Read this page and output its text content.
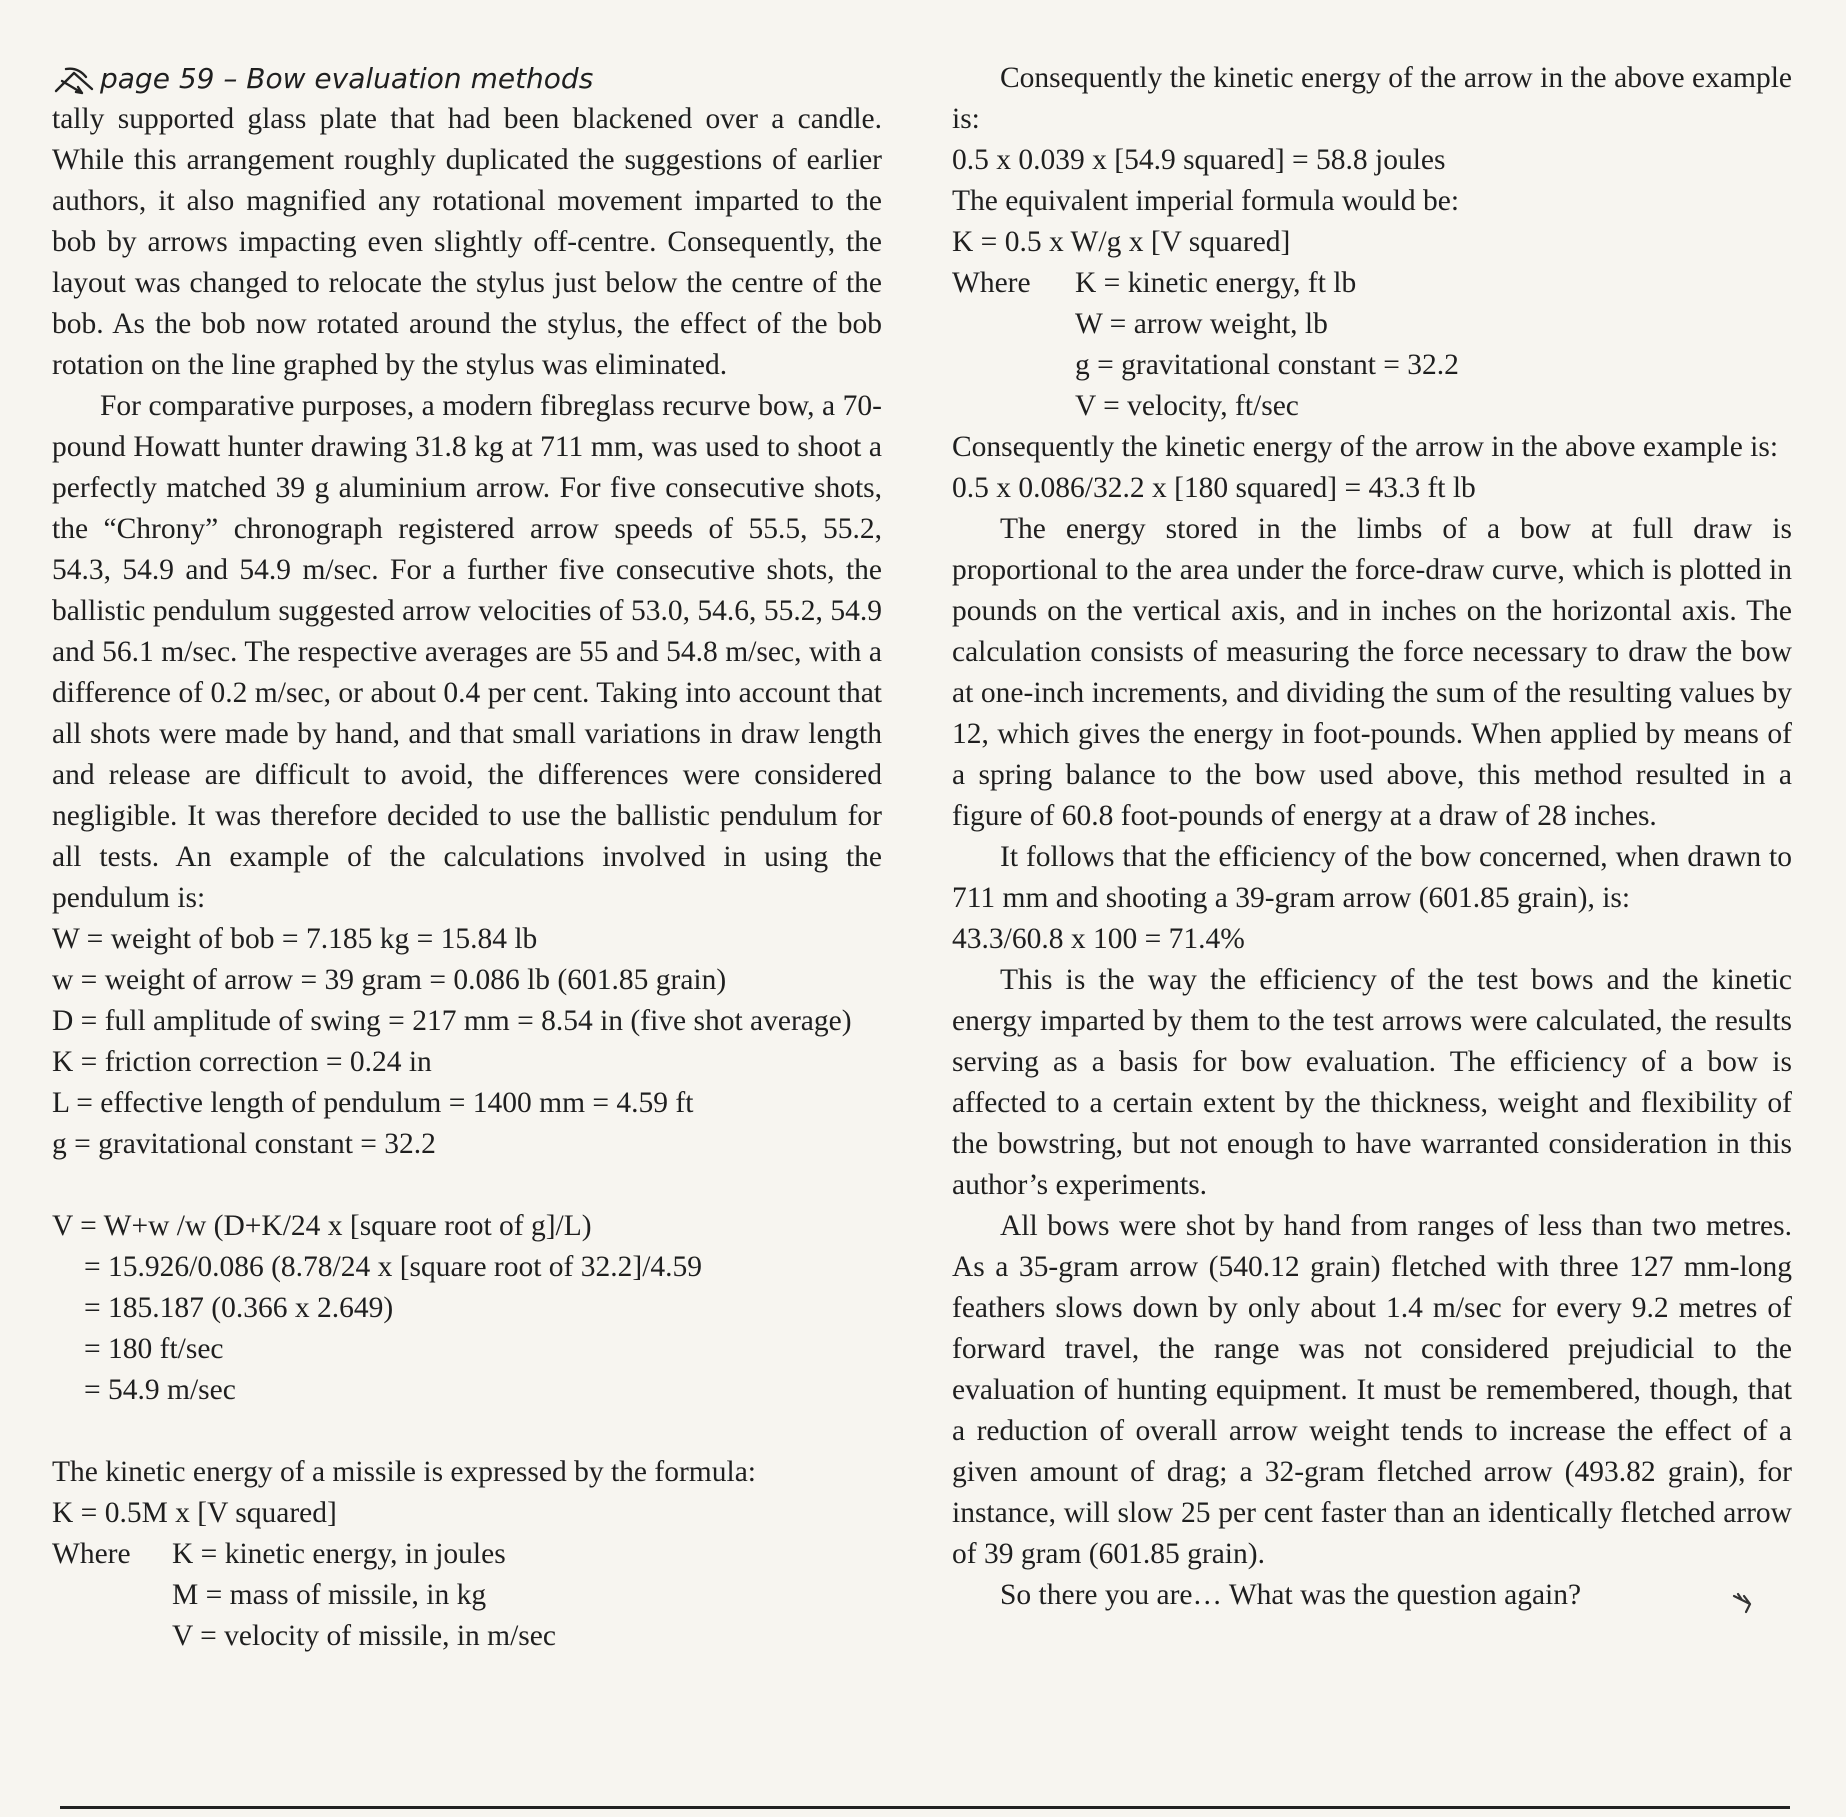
page 59 – Bow evaluation methods

tally supported glass plate that had been blackened over a candle. While this arrangement roughly duplicated the suggestions of earlier authors, it also magnified any rotational movement imparted to the bob by arrows impacting even slightly off-centre. Consequently, the layout was changed to relocate the stylus just below the centre of the bob. As the bob now rotated around the stylus, the effect of the bob rotation on the line graphed by the stylus was eliminated.

For comparative purposes, a modern fibreglass recurve bow, a 70-pound Howatt hunter drawing 31.8 kg at 711 mm, was used to shoot a perfectly matched 39 g aluminium arrow. For five consecutive shots, the “Chrony” chronograph registered arrow speeds of 55.5, 55.2, 54.3, 54.9 and 54.9 m/sec. For a further five consecutive shots, the ballistic pendulum suggested arrow velocities of 53.0, 54.6, 55.2, 54.9 and 56.1 m/sec. The respective averages are 55 and 54.8 m/sec, with a difference of 0.2 m/sec, or about 0.4 per cent. Taking into account that all shots were made by hand, and that small variations in draw length and release are difficult to avoid, the differences were considered negligible. It was therefore decided to use the ballistic pendulum for all tests. An example of the calculations involved in using the pendulum is:

W = weight of bob = 7.185 kg = 15.84 lb
w = weight of arrow = 39 gram = 0.086 lb (601.85 grain)

D = full amplitude of swing = 217 mm = 8.54 in (five shot average)

K = friction correction = 0.24 in
L = effective length of pendulum = 1400 mm = 4.59 ft
g = gravitational constant = 32.2
V = W+w /w (D+K/24 x [square root of g]/L)
= 15.926/0.086 (8.78/24 x [square root of 32.2]/4.59
= 185.187 (0.366 x 2.649)
= 180 ft/sec
= 54.9 m/sec
The kinetic energy of a missile is expressed by the formula:
K = 0.5M x [V squared]
Where	K = kinetic energy, in joules
M = mass of missile, in kg
V = velocity of missile, in m/sec

Consequently the kinetic energy of the arrow in the above example is:

0.5 x 0.039 x [54.9 squared] = 58.8 joules
The equivalent imperial formula would be:
K = 0.5 x W/g x [V squared]
Where	K = kinetic energy, ft lb
W = arrow weight, lb
g = gravitational constant = 32.2
V = velocity, ft/sec

Consequently the kinetic energy of the arrow in the above example is:

0.5 x 0.086/32.2 x [180 squared] = 43.3 ft lb

The energy stored in the limbs of a bow at full draw is proportional to the area under the force-draw curve, which is plotted in pounds on the vertical axis, and in inches on the horizontal axis. The calculation consists of measuring the force necessary to draw the bow at one-inch increments, and dividing the sum of the resulting values by 12, which gives the energy in foot-pounds. When applied by means of a spring balance to the bow used above, this method resulted in a figure of 60.8 foot-pounds of energy at a draw of 28 inches.

It follows that the efficiency of the bow concerned, when drawn to 711 mm and shooting a 39-gram arrow (601.85 grain), is:

43.3/60.8 x 100 = 71.4%

This is the way the efficiency of the test bows and the kinetic energy imparted by them to the test arrows were calculated, the results serving as a basis for bow evaluation. The efficiency of a bow is affected to a certain extent by the thickness, weight and flexibility of the bowstring, but not enough to have warranted consideration in this author’s experiments.

All bows were shot by hand from ranges of less than two metres. As a 35-gram arrow (540.12 grain) fletched with three 127 mm-long feathers slows down by only about 1.4 m/sec for every 9.2 metres of forward travel, the range was not considered prejudicial to the evaluation of hunting equipment. It must be remembered, though, that a reduction of overall arrow weight tends to increase the effect of a given amount of drag; a 32-gram fletched arrow (493.82 grain), for instance, will slow 25 per cent faster than an identically fletched arrow of 39 gram (601.85 grain).

So there you are… What was the question again?
